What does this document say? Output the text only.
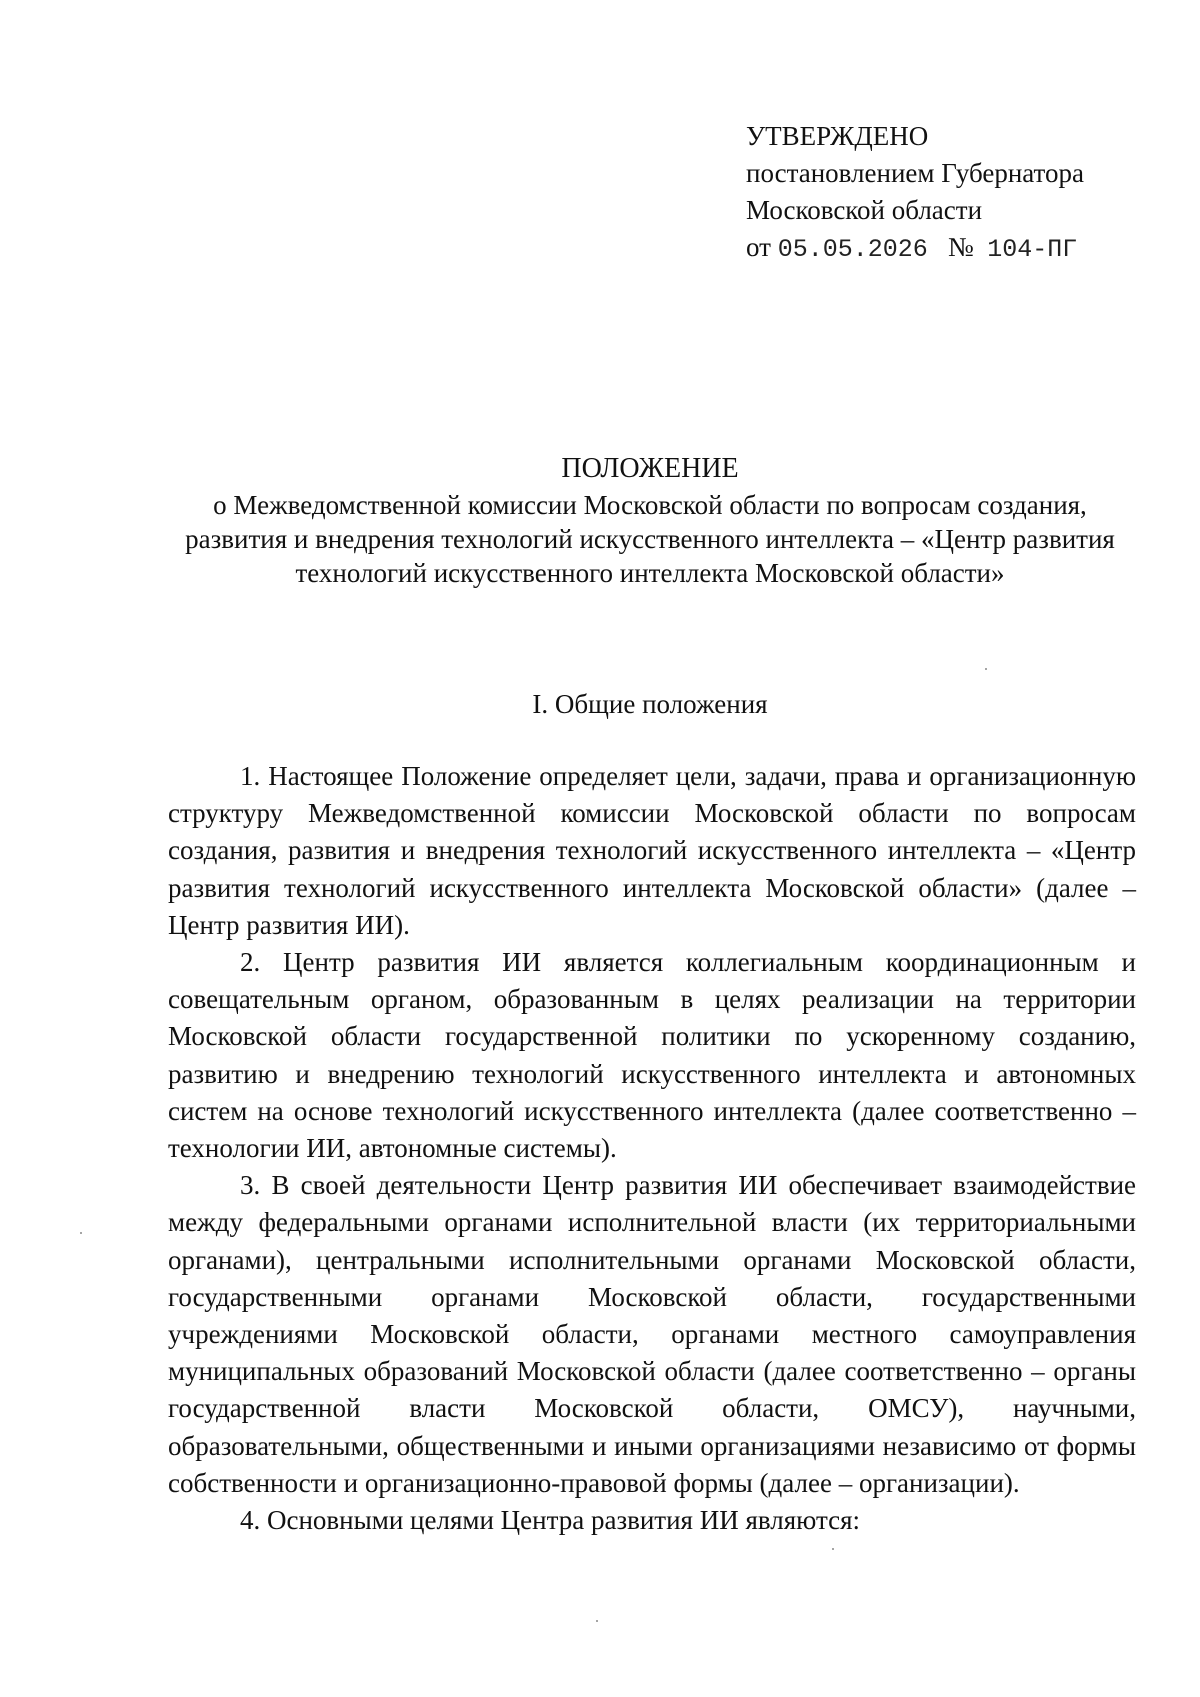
УТВЕРЖДЕНО
постановлением Губернатора
Московской области
от 05.05.2026 № 104-ПГ
ПОЛОЖЕНИЕ
о Межведомственной комиссии Московской области по вопросам создания, развития и внедрения технологий искусственного интеллекта – «Центр развития технологий искусственного интеллекта Московской области»
I. Общие положения

1. Настоящее Положение определяет цели, задачи, права и организационную структуру Межведомственной комиссии Московской области по вопросам создания, развития и внедрения технологий искусственного интеллекта – «Центр развития технологий искусственного интеллекта Московской области» (далее – Центр развития ИИ).

2. Центр развития ИИ является коллегиальным координационным и совещательным органом, образованным в целях реализации на территории Московской области государственной политики по ускоренному созданию, развитию и внедрению технологий искусственного интеллекта и автономных систем на основе технологий искусственного интеллекта (далее соответственно – технологии ИИ, автономные системы).

3. В своей деятельности Центр развития ИИ обеспечивает взаимодействие между федеральными органами исполнительной власти (их территориальными органами), центральными исполнительными органами Московской области, государственными органами Московской области, государственными учреждениями Московской области, органами местного самоуправления муниципальных образований Московской области (далее соответственно – органы государственной власти Московской области, ОМСУ), научными, образовательными, общественными и иными организациями независимо от формы собственности и организационно-правовой формы (далее – организации).

4. Основными целями Центра развития ИИ являются:
